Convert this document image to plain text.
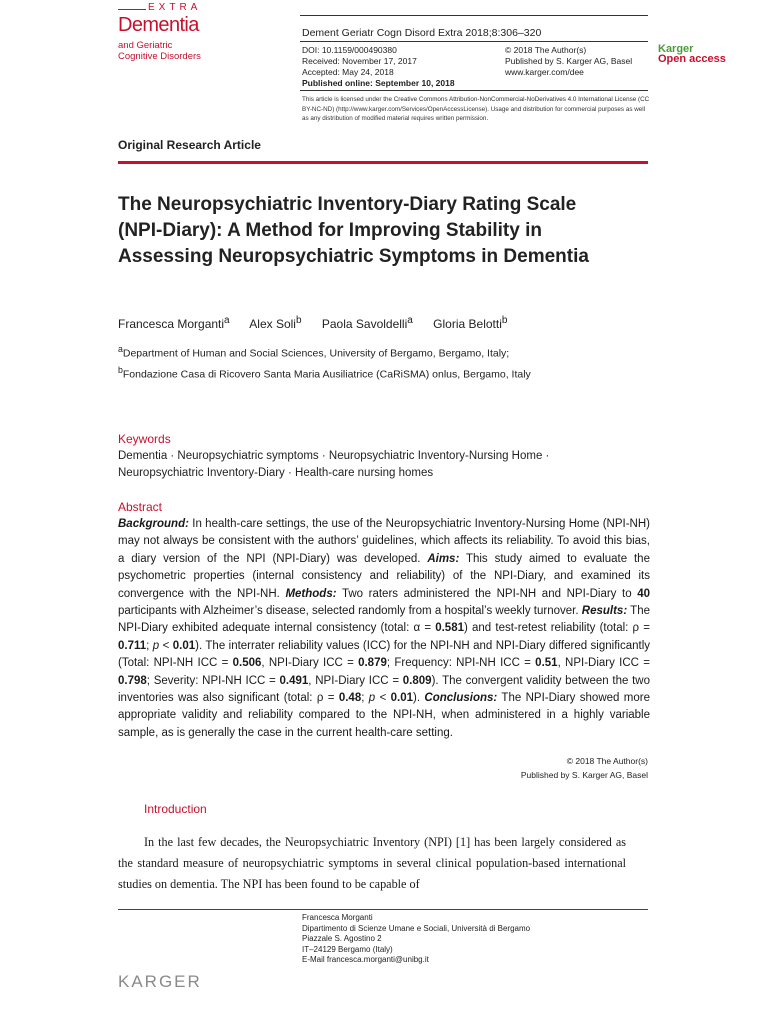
EXTRA
Dementia
and Geriatric
Cognitive Disorders
Dement Geriatr Cogn Disord Extra 2018;8:306–320
DOI: 10.1159/000490380
Received: November 17, 2017
Accepted: May 24, 2018
Published online: September 10, 2018
© 2018 The Author(s)
Published by S. Karger AG, Basel
www.karger.com/dee
This article is licensed under the Creative Commons Attribution-NonCommercial-NoDerivatives 4.0 International License (CC BY-NC-ND) (http://www.karger.com/Services/OpenAccessLicense). Usage and distribution for commercial purposes as well as any distribution of modified material requires written permission.
Karger
Open access
Original Research Article
The Neuropsychiatric Inventory-Diary Rating Scale (NPI-Diary): A Method for Improving Stability in Assessing Neuropsychiatric Symptoms in Dementia
Francesca Morganti$^a$ Alex Soli$^b$ Paola Savoldelli$^a$ Gloria Belotti$^b$
$^a$Department of Human and Social Sciences, University of Bergamo, Bergamo, Italy;
$^b$Fondazione Casa di Ricovero Santa Maria Ausiliatrice (CaRiSMA) onlus, Bergamo, Italy
Keywords
Dementia · Neuropsychiatric symptoms · Neuropsychiatric Inventory-Nursing Home ·
Neuropsychiatric Inventory-Diary · Health-care nursing homes
Abstract
Background: In health-care settings, the use of the Neuropsychiatric Inventory-Nursing Home (NPI-NH) may not always be consistent with the authors’ guidelines, which affects its reliability. To avoid this bias, a diary version of the NPI (NPI-Diary) was developed. Aims: This study aimed to evaluate the psychometric properties (internal consistency and reliability) of the NPI-Diary, and examined its convergence with the NPI-NH. Methods: Two raters administered the NPI-NH and NPI-Diary to 40 participants with Alzheimer’s disease, selected randomly from a hospital’s weekly turnover. Results: The NPI-Diary exhibited adequate internal consistency (total: α = 0.581) and test-retest reliability (total: ρ = 0.711; p < 0.01). The interrater reliability values (ICC) for the NPI-NH and NPI-Diary differed significantly (Total: NPI-NH ICC = 0.506, NPI-Diary ICC = 0.879; Frequency: NPI-NH ICC = 0.51, NPI-Diary ICC = 0.798; Severity: NPI-NH ICC = 0.491, NPI-Diary ICC = 0.809). The convergent validity between the two inventories was also significant (total: ρ = 0.48; p < 0.01). Conclusions: The NPI-Diary showed more appropriate validity and reliability compared to the NPI-NH, when administered in a highly variable sample, as is generally the case in the current health-care setting.
© 2018 The Author(s)
Published by S. Karger AG, Basel
Introduction
In the last few decades, the Neuropsychiatric Inventory (NPI) [1] has been largely considered as the standard measure of neuropsychiatric symptoms in several clinical population-based international studies on dementia. The NPI has been found to be capable of
Francesca Morganti
Dipartimento di Scienze Umane e Sociali, Università di Bergamo
Piazzale S. Agostino 2
IT–24129 Bergamo (Italy)
E-Mail francesca.morganti@unibg.it
KARGER
